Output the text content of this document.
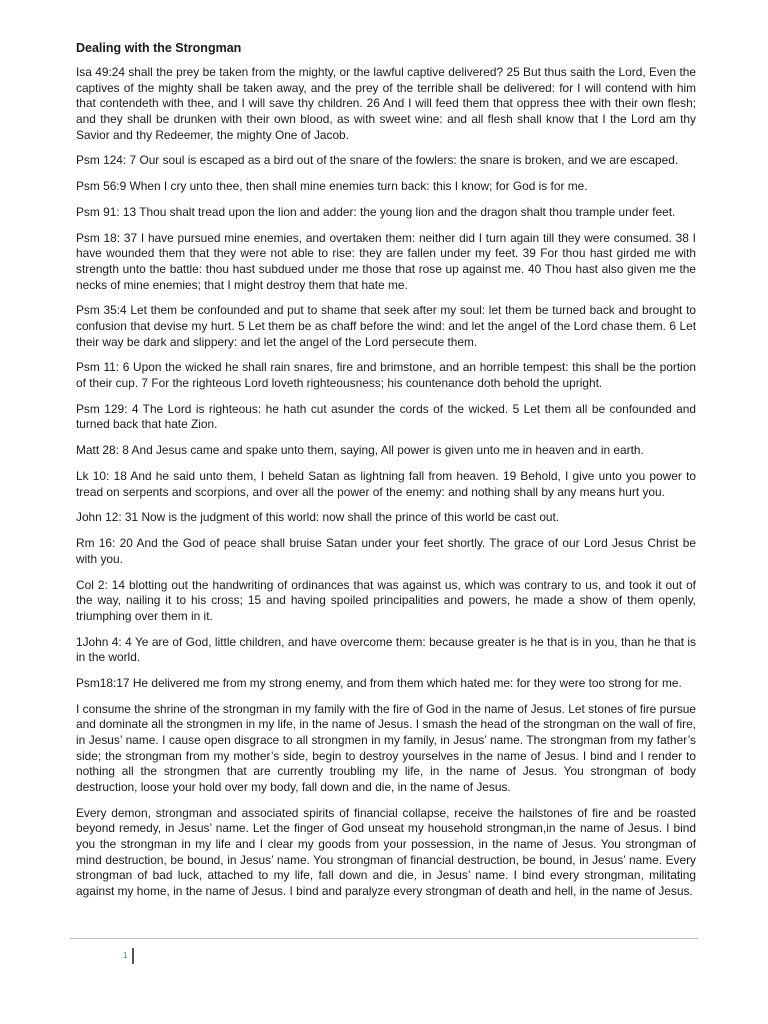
Dealing with the Strongman

Isa 49:24 shall the prey be taken from the mighty, or the lawful captive delivered? 25 But thus saith the Lord, Even the captives of the mighty shall be taken away, and the prey of the terrible shall be delivered: for I will contend with him that contendeth with thee, and I will save thy children. 26 And I will feed them that oppress thee with their own flesh; and they shall be drunken with their own blood, as with sweet wine: and all flesh shall know that I the Lord am thy Savior and thy Redeemer, the mighty One of Jacob.

Psm 124: 7 Our soul is escaped as a bird out of the snare of the fowlers: the snare is broken, and we are escaped.

Psm 56:9 When I cry unto thee, then shall mine enemies turn back: this I know; for God is for me.

Psm 91: 13 Thou shalt tread upon the lion and adder: the young lion and the dragon shalt thou trample under feet.

Psm 18: 37 I have pursued mine enemies, and overtaken them: neither did I turn again till they were consumed. 38 I have wounded them that they were not able to rise: they are fallen under my feet. 39 For thou hast girded me with strength unto the battle: thou hast subdued under me those that rose up against me. 40 Thou hast also given me the necks of mine enemies; that I might destroy them that hate me.

Psm 35:4 Let them be confounded and put to shame that seek after my soul: let them be turned back and brought to confusion that devise my hurt. 5 Let them be as chaff before the wind: and let the angel of the Lord chase them. 6 Let their way be dark and slippery: and let the angel of the Lord persecute them.

Psm 11: 6 Upon the wicked he shall rain snares, fire and brimstone, and an horrible tempest: this shall be the portion of their cup. 7 For the righteous Lord loveth righteousness; his countenance doth behold the upright.

Psm 129: 4 The Lord is righteous: he hath cut asunder the cords of the wicked. 5 Let them all be confounded and turned back that hate Zion.

Matt 28: 8 And Jesus came and spake unto them, saying, All power is given unto me in heaven and in earth.

Lk 10: 18 And he said unto them, I beheld Satan as lightning fall from heaven. 19 Behold, I give unto you power to tread on serpents and scorpions, and over all the power of the enemy: and nothing shall by any means hurt you.

John 12: 31 Now is the judgment of this world: now shall the prince of this world be cast out.

Rm 16: 20 And the God of peace shall bruise Satan under your feet shortly. The grace of our Lord Jesus Christ be with you.

Col 2: 14 blotting out the handwriting of ordinances that was against us, which was contrary to us, and took it out of the way, nailing it to his cross; 15 and having spoiled principalities and powers, he made a show of them openly, triumphing over them in it.

1John 4: 4 Ye are of God, little children, and have overcome them: because greater is he that is in you, than he that is in the world.

Psm18:17 He delivered me from my strong enemy, and from them which hated me: for they were too strong for me.

I consume the shrine of the strongman in my family with the fire of God in the name of Jesus. Let stones of fire pursue and dominate all the strongmen in my life, in the name of Jesus. I smash the head of the strongman on the wall of fire, in Jesus’ name. I cause open disgrace to all strongmen in my family, in Jesus’ name. The strongman from my father’s side; the strongman from my mother’s side, begin to destroy yourselves in the name of Jesus. I bind and I render to nothing all the strongmen that are currently troubling my life, in the name of Jesus. You strongman of body destruction, loose your hold over my body, fall down and die, in the name of Jesus.

Every demon, strongman and associated spirits of financial collapse, receive the hailstones of fire and be roasted beyond remedy, in Jesus’ name. Let the finger of God unseat my household strongman,in the name of Jesus. I bind you the strongman in my life and I clear my goods from your possession, in the name of Jesus. You strongman of mind destruction, be bound, in Jesus’ name. You strongman of financial destruction, be bound, in Jesus’ name. Every strongman of bad luck, attached to my life, fall down and die, in Jesus’ name. I bind every strongman, militating against my home, in the name of Jesus. I bind and paralyze every strongman of death and hell, in the name of Jesus.

1
